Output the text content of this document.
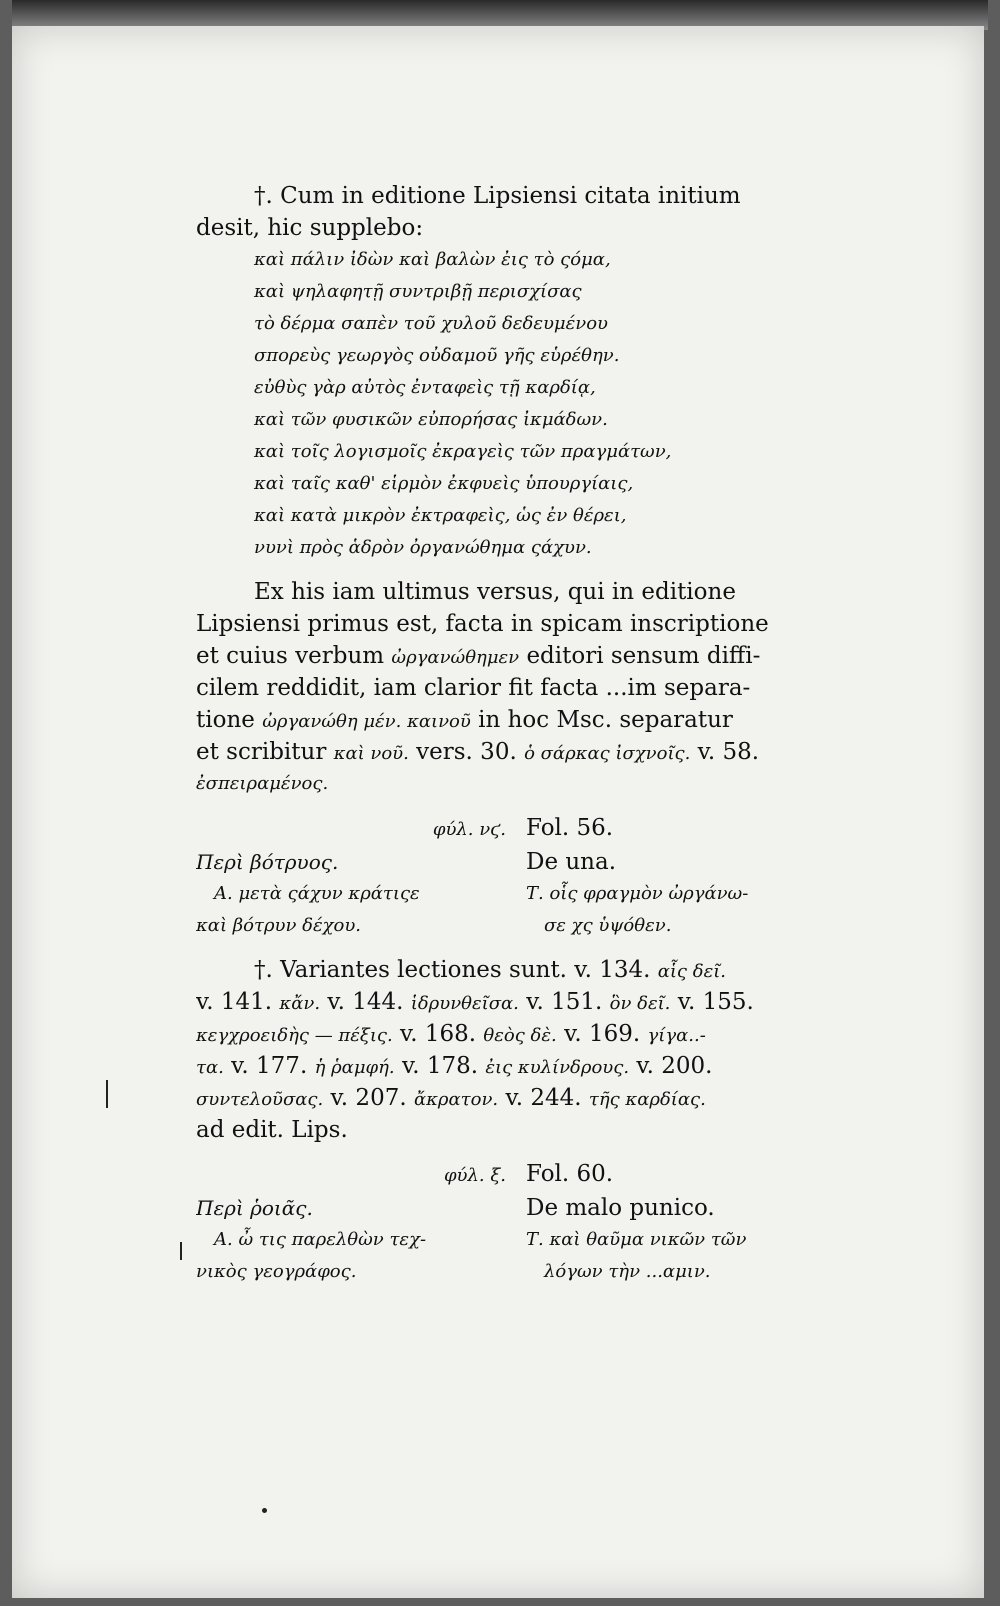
†. Cum in editione Lipsiensi citata initium

desit, hic supplebo:

καὶ πάλιν ἰδὼν καὶ βαλὼν ἐις τὸ ςόμα,

καὶ ψηλαφητῇ συντριβῇ περισχίσας

τὸ δέρμα σαπὲν τοῦ χυλοῦ δεδευμένου

σπορεὺς γεωργὸς οὐδαμοῦ γῆς εὑρέθην.

εὐθὺς γὰρ αὐτὸς ἐνταφεὶς τῇ καρδίᾳ,

καὶ τῶν φυσικῶν εὐπορήσας ἰκμάδων.

καὶ τοῖς λογισμοῖς ἐκραγεὶς τῶν πραγμάτων,

καὶ ταῖς καθ' εἱρμὸν ἐκφυεὶς ὑπουργίαις,

καὶ κατὰ μικρὸν ἐκτραφεὶς, ὡς ἐν θέρει,

νυνὶ πρὸς ἁδρὸν ὀργανώθημα ςάχυν.

Ex his iam ultimus versus, qui in editione
Lipsiensi primus est, facta in spicam inscriptione
et cuius verbum ὠργανώθημεν editori sensum diffi-
cilem reddidit, iam clarior fit facta ...im separa-
tione ὠργανώθη μέν. καινοῦ in hoc Msc. separatur
et scribitur καὶ νοῦ. vers. 30. ὁ σάρκας ἰσχνοῖς. v. 58.
ἐσπειραμένος.
φύλ. νϛ. Fol. 56.
Περὶ βότρυος.
Α. μετὰ ςάχυν κράτιςε
καὶ βότρυν δέχου.
De una.
Τ. οἷς φραγμὸν ὠργάνω-
σε χς ὑψόθεν.
†. Variantes lectiones sunt. v. 134. αἷς δεῖ.
v. 141. κἄν. v. 144. ἱδρυνθεῖσα. v. 151. ὃν δεῖ. v. 155.
κεγχροειδὴς — πέξις. v. 168. θεὸς δὲ. v. 169. γίγα..-
τα. v. 177. ἡ ῥαμφή. v. 178. ἐις κυλίνδρους. v. 200.
συντελοῦσας. v. 207. ἄκρατον. v. 244. τῆς καρδίας.
ad edit. Lips.
φύλ. ξ. Fol. 60.
Περὶ ῥοιᾶς.
Α. ὦ τις παρελθὼν τεχ-
νικὸς γεογράφος.
De malo punico.
Τ. καὶ θαῦμα νικῶν τῶν
λόγων τὴν ...αμιν.
